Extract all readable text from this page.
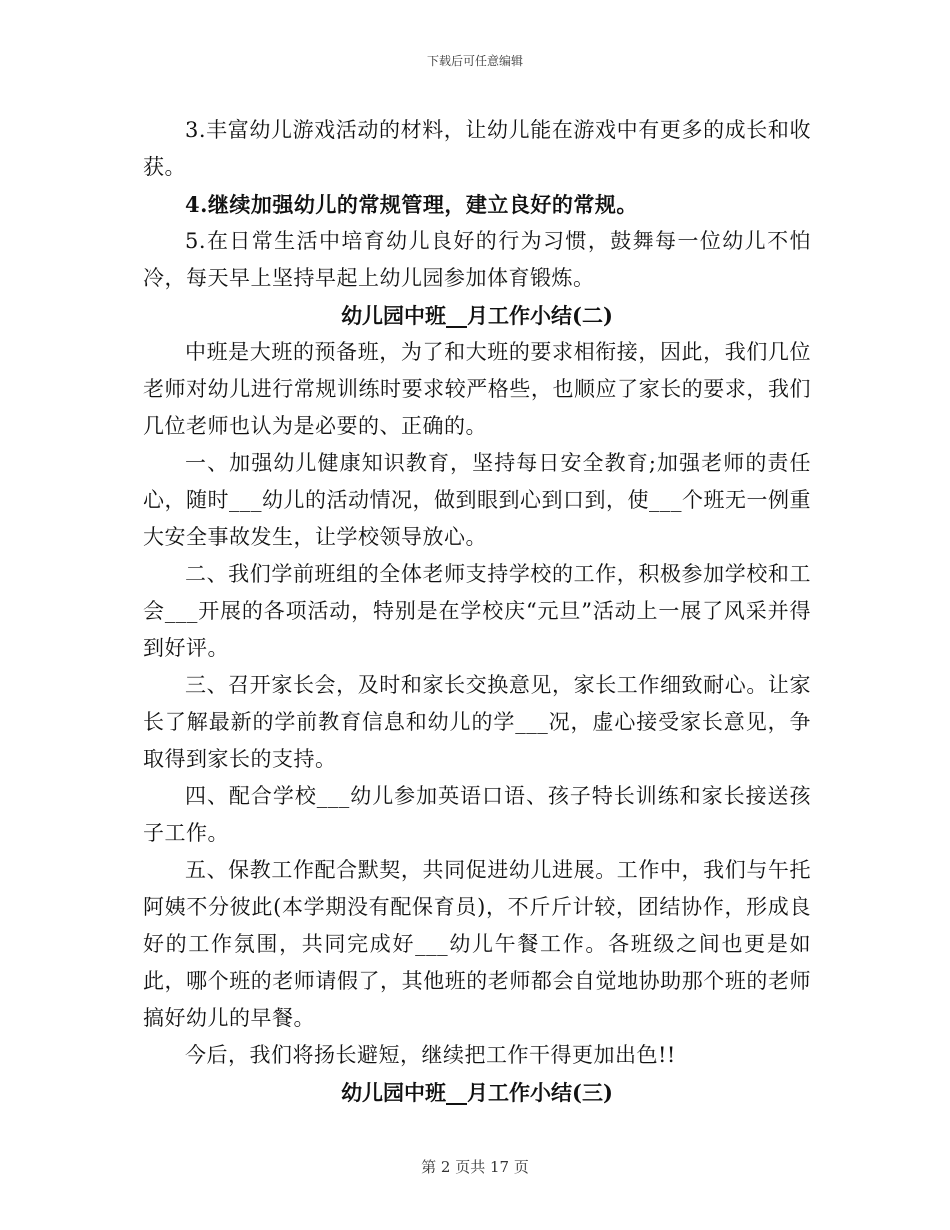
下载后可任意编辑

3.丰富幼儿游戏活动的材料，让幼儿能在游戏中有更多的成长和收获。

4.继续加强幼儿的常规管理，建立良好的常规。

5.在日常生活中培育幼儿良好的行为习惯，鼓舞每一位幼儿不怕冷，每天早上坚持早起上幼儿园参加体育锻炼。

幼儿园中班__月工作小结(二)

中班是大班的预备班，为了和大班的要求相衔接，因此，我们几位老师对幼儿进行常规训练时要求较严格些，也顺应了家长的要求，我们几位老师也认为是必要的、正确的。

一、加强幼儿健康知识教育，坚持每日安全教育;加强老师的责任心，随时___幼儿的活动情况，做到眼到心到口到，使___个班无一例重大安全事故发生，让学校领导放心。

二、我们学前班组的全体老师支持学校的工作，积极参加学校和工会___开展的各项活动，特别是在学校庆“元旦”活动上一展了风采并得到好评。

三、召开家长会，及时和家长交换意见，家长工作细致耐心。让家长了解最新的学前教育信息和幼儿的学___况，虚心接受家长意见，争取得到家长的支持。

四、配合学校___幼儿参加英语口语、孩子特长训练和家长接送孩子工作。

五、保教工作配合默契，共同促进幼儿进展。工作中，我们与午托阿姨不分彼此(本学期没有配保育员)，不斤斤计较，团结协作，形成良好的工作氛围，共同完成好___幼儿午餐工作。各班级之间也更是如此，哪个班的老师请假了，其他班的老师都会自觉地协助那个班的老师搞好幼儿的早餐。

今后，我们将扬长避短，继续把工作干得更加出色!!

幼儿园中班__月工作小结(三)

第 2 页共 17 页
